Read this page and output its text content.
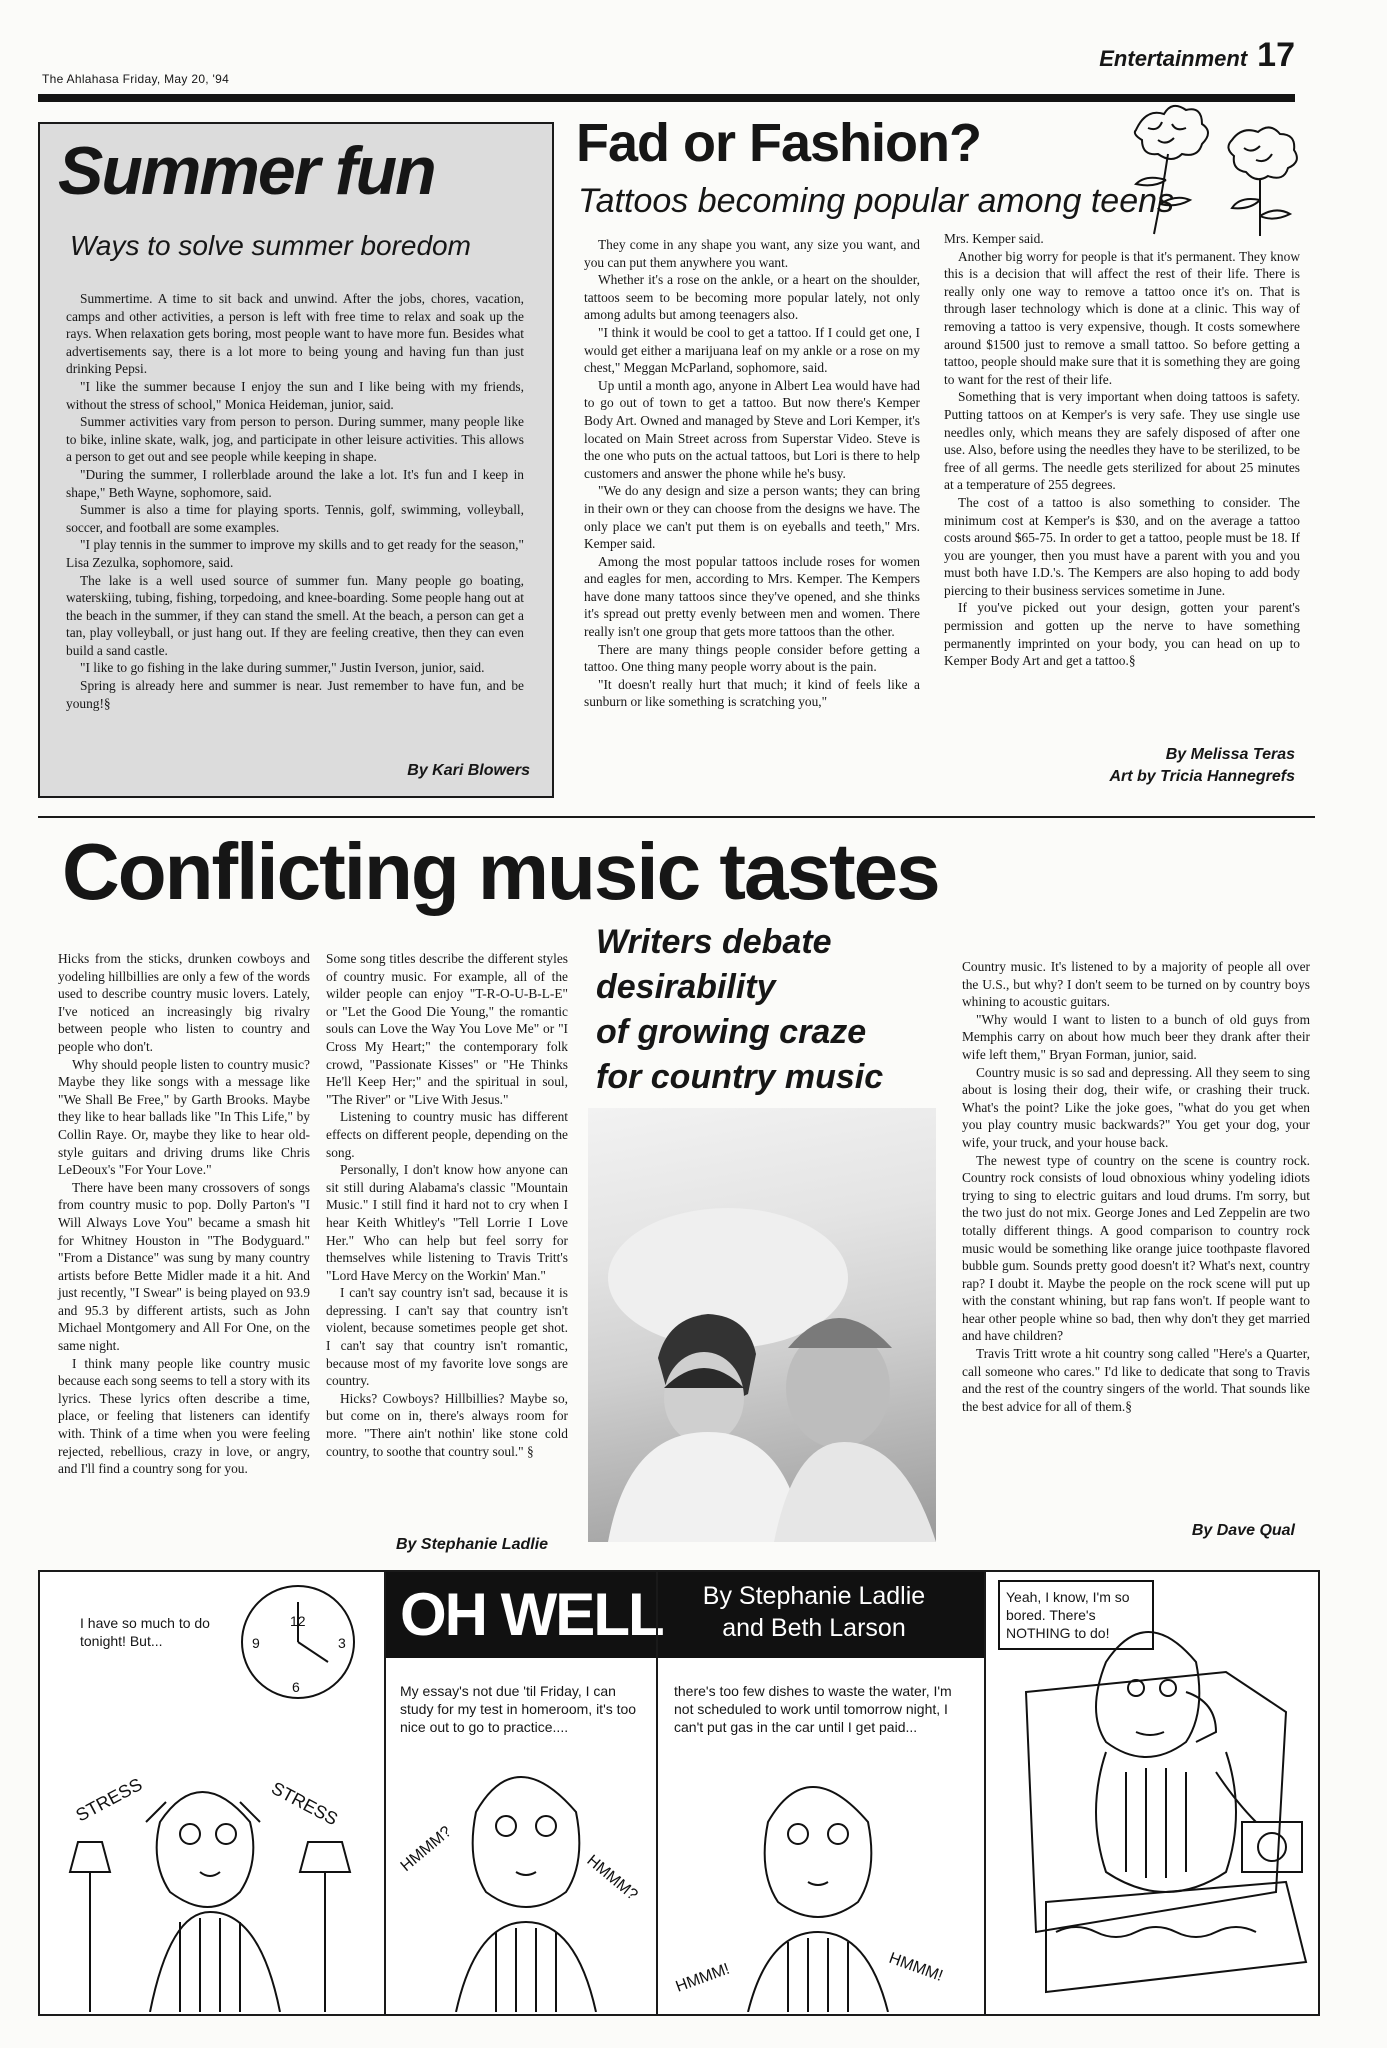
The Ahlahasa Friday, May 20, '94
Entertainment 17
Summer fun
Ways to solve summer boredom

Summertime. A time to sit back and unwind. After the jobs, chores, vacation, camps and other activities, a person is left with free time to relax and soak up the rays. When relaxation gets boring, most people want to have more fun. Besides what advertisements say, there is a lot more to being young and having fun than just drinking Pepsi.

"I like the summer because I enjoy the sun and I like being with my friends, without the stress of school," Monica Heideman, junior, said.

Summer activities vary from person to person. During summer, many people like to bike, inline skate, walk, jog, and participate in other leisure activities. This allows a person to get out and see people while keeping in shape.

"During the summer, I rollerblade around the lake a lot. It's fun and I keep in shape," Beth Wayne, sophomore, said.

Summer is also a time for playing sports. Tennis, golf, swimming, volleyball, soccer, and football are some examples.

"I play tennis in the summer to improve my skills and to get ready for the season," Lisa Zezulka, sophomore, said.

The lake is a well used source of summer fun. Many people go boating, waterskiing, tubing, fishing, torpedoing, and knee-boarding. Some people hang out at the beach in the summer, if they can stand the smell. At the beach, a person can get a tan, play volleyball, or just hang out. If they are feeling creative, then they can even build a sand castle.

"I like to go fishing in the lake during summer," Justin Iverson, junior, said.

Spring is already here and summer is near. Just remember to have fun, and be young!§

By Kari Blowers
Fad or Fashion?
Tattoos becoming popular among teens

They come in any shape you want, any size you want, and you can put them anywhere you want.

Whether it's a rose on the ankle, or a heart on the shoulder, tattoos seem to be becoming more popular lately, not only among adults but among teenagers also.

"I think it would be cool to get a tattoo. If I could get one, I would get either a marijuana leaf on my ankle or a rose on my chest," Meggan McParland, sophomore, said.

Up until a month ago, anyone in Albert Lea would have had to go out of town to get a tattoo. But now there's Kemper Body Art. Owned and managed by Steve and Lori Kemper, it's located on Main Street across from Superstar Video. Steve is the one who puts on the actual tattoos, but Lori is there to help customers and answer the phone while he's busy.

"We do any design and size a person wants; they can bring in their own or they can choose from the designs we have. The only place we can't put them is on eyeballs and teeth," Mrs. Kemper said.

Among the most popular tattoos include roses for women and eagles for men, according to Mrs. Kemper. The Kempers have done many tattoos since they've opened, and she thinks it's spread out pretty evenly between men and women. There really isn't one group that gets more tattoos than the other.

There are many things people consider before getting a tattoo. One thing many people worry about is the pain.

"It doesn't really hurt that much; it kind of feels like a sunburn or like something is scratching you,"

Mrs. Kemper said.

Another big worry for people is that it's permanent. They know this is a decision that will affect the rest of their life. There is really only one way to remove a tattoo once it's on. That is through laser technology which is done at a clinic. This way of removing a tattoo is very expensive, though. It costs somewhere around $1500 just to remove a small tattoo. So before getting a tattoo, people should make sure that it is something they are going to want for the rest of their life.

Something that is very important when doing tattoos is safety. Putting tattoos on at Kemper's is very safe. They use single use needles only, which means they are safely disposed of after one use. Also, before using the needles they have to be sterilized, to be free of all germs. The needle gets sterilized for about 25 minutes at a temperature of 255 degrees.

The cost of a tattoo is also something to consider. The minimum cost at Kemper's is $30, and on the average a tattoo costs around $65-75. In order to get a tattoo, people must be 18. If you are younger, then you must have a parent with you and you must both have I.D.'s. The Kempers are also hoping to add body piercing to their business services sometime in June.

If you've picked out your design, gotten your parent's permission and gotten up the nerve to have something permanently imprinted on your body, you can head on up to Kemper Body Art and get a tattoo.§

By Melissa Teras
Art by Tricia Hannegrefs
Conflicting music tastes

Hicks from the sticks, drunken cowboys and yodeling hillbillies are only a few of the words used to describe country music lovers. Lately, I've noticed an increasingly big rivalry between people who listen to country and people who don't.

Why should people listen to country music? Maybe they like songs with a message like "We Shall Be Free," by Garth Brooks. Maybe they like to hear ballads like "In This Life," by Collin Raye. Or, maybe they like to hear old-style guitars and driving drums like Chris LeDeoux's "For Your Love."

There have been many crossovers of songs from country music to pop. Dolly Parton's "I Will Always Love You" became a smash hit for Whitney Houston in "The Bodyguard." "From a Distance" was sung by many country artists before Bette Midler made it a hit. And just recently, "I Swear" is being played on 93.9 and 95.3 by different artists, such as John Michael Montgomery and All For One, on the same night.

I think many people like country music because each song seems to tell a story with its lyrics. These lyrics often describe a time, place, or feeling that listeners can identify with. Think of a time when you were feeling rejected, rebellious, crazy in love, or angry, and I'll find a country song for you.

Some song titles describe the different styles of country music. For example, all of the wilder people can enjoy "T-R-O-U-B-L-E" or "Let the Good Die Young," the romantic souls can Love the Way You Love Me" or "I Cross My Heart;" the contemporary folk crowd, "Passionate Kisses" or "He Thinks He'll Keep Her;" and the spiritual in soul, "The River" or "Live With Jesus."

Listening to country music has different effects on different people, depending on the song.

Personally, I don't know how anyone can sit still during Alabama's classic "Mountain Music." I still find it hard not to cry when I hear Keith Whitley's "Tell Lorrie I Love Her." Who can help but feel sorry for themselves while listening to Travis Tritt's "Lord Have Mercy on the Workin' Man."

I can't say country isn't sad, because it is depressing. I can't say that country isn't violent, because sometimes people get shot. I can't say that country isn't romantic, because most of my favorite love songs are country.

Hicks? Cowboys? Hillbillies? Maybe so, but come on in, there's always room for more. "There ain't nothin' like stone cold country, to soothe that country soul." §

By Stephanie Ladlie
Writers debate
desirability
of growing craze
for country music

Country music. It's listened to by a majority of people all over the U.S., but why? I don't seem to be turned on by country boys whining to acoustic guitars.

"Why would I want to listen to a bunch of old guys from Memphis carry on about how much beer they drank after their wife left them," Bryan Forman, junior, said.

Country music is so sad and depressing. All they seem to sing about is losing their dog, their wife, or crashing their truck. What's the point? Like the joke goes, "what do you get when you play country music backwards?" You get your dog, your wife, your truck, and your house back.

The newest type of country on the scene is country rock. Country rock consists of loud obnoxious whiny yodeling idiots trying to sing to electric guitars and loud drums. I'm sorry, but the two just do not mix. George Jones and Led Zeppelin are two totally different things. A good comparison to country rock music would be something like orange juice toothpaste flavored bubble gum. Sounds pretty good doesn't it? What's next, country rap? I doubt it. Maybe the people on the rock scene will put up with the constant whining, but rap fans won't. If people want to hear other people whine so bad, then why don't they get married and have children?

Travis Tritt wrote a hit country song called "Here's a Quarter, call someone who cares." I'd like to dedicate that song to Travis and the rest of the country singers of the world. That sounds like the best advice for all of them.§

By Dave Qual
I have so much to do tonight! But...
12
6
9	3
STRESS	STRESS
OH WELL	By Stephanie Ladlie
and Beth Larson
My essay's not due 'til Friday, I can study for my test in homeroom, it's too nice out to go to practice....
HMMM?
HMMM?
there's too few dishes to waste the water, I'm not scheduled to work until tomorrow night, I can't put gas in the car until I get paid...
HMMM!	HMMM!
Yeah, I know, I'm so bored. There's NOTHING to do!
